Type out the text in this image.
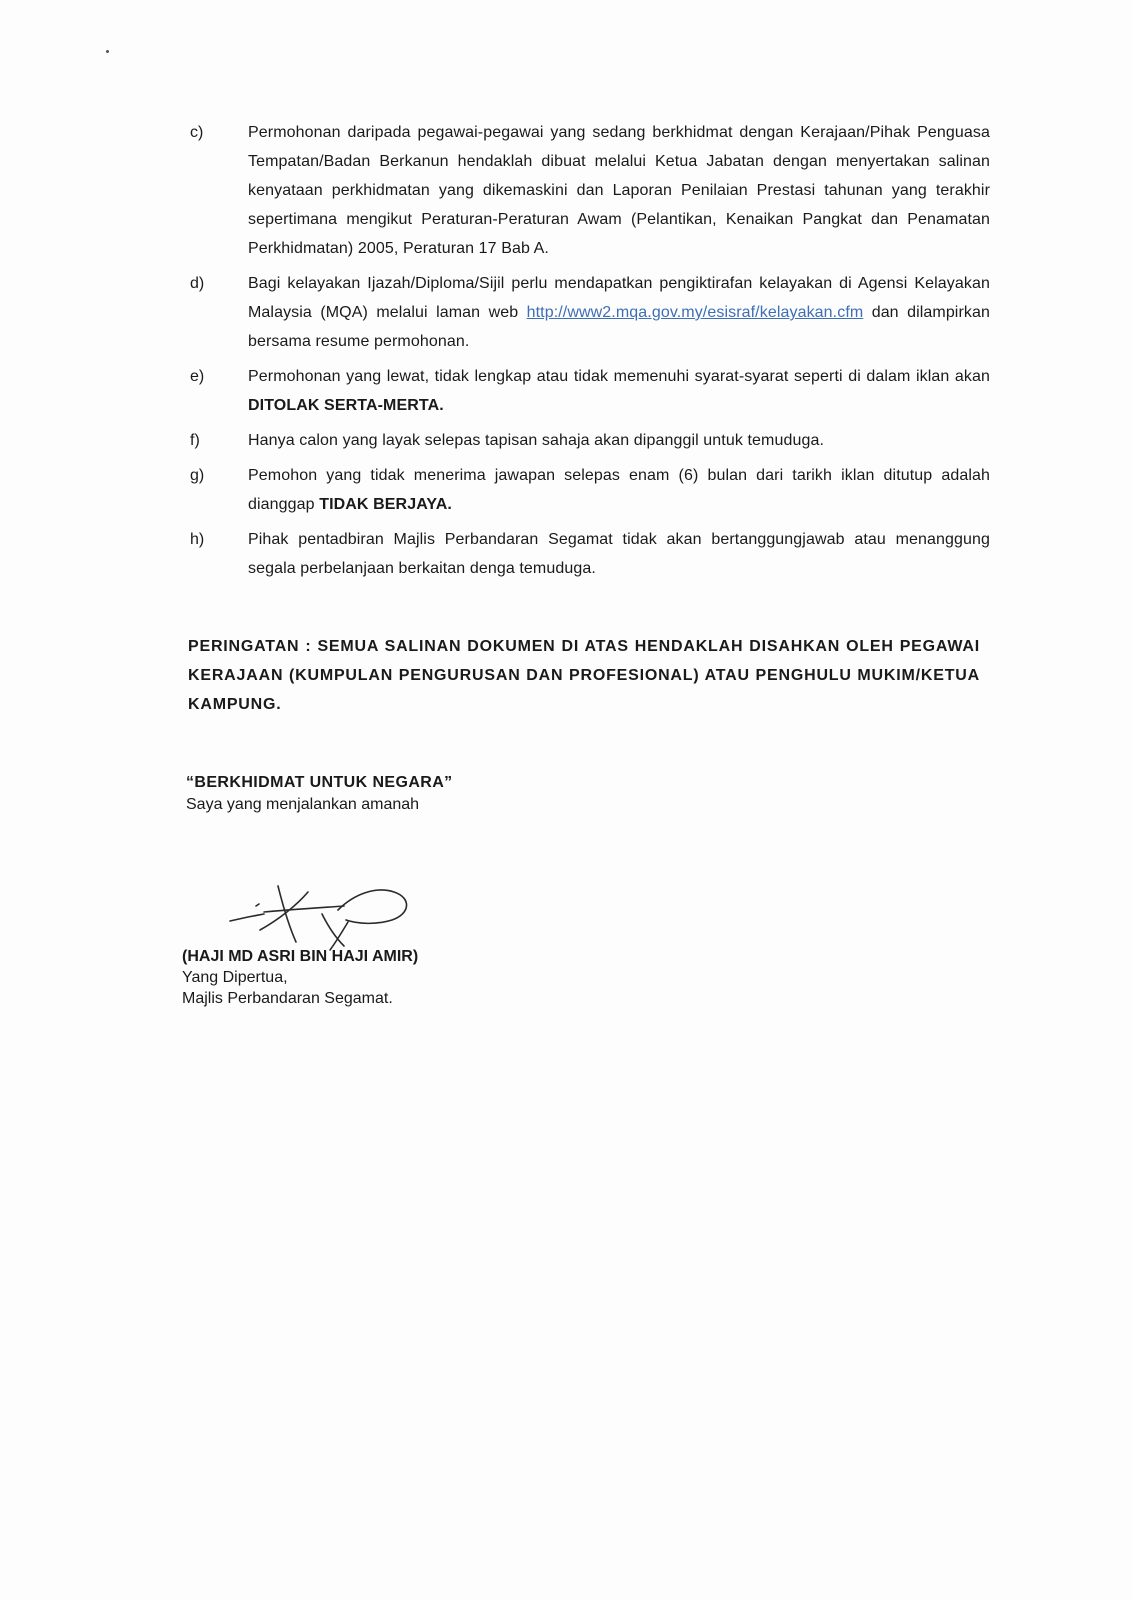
c)	Permohonan daripada pegawai-pegawai yang sedang berkhidmat dengan Kerajaan/Pihak Penguasa Tempatan/Badan Berkanun hendaklah dibuat melalui Ketua Jabatan dengan menyertakan salinan kenyataan perkhidmatan yang dikemaskini dan Laporan Penilaian Prestasi tahunan yang terakhir sepertimana mengikut Peraturan-Peraturan Awam (Pelantikan, Kenaikan Pangkat dan Penamatan Perkhidmatan) 2005, Peraturan 17 Bab A.
d)	Bagi kelayakan Ijazah/Diploma/Sijil perlu mendapatkan pengiktirafan kelayakan di Agensi Kelayakan Malaysia (MQA) melalui laman web http://www2.mqa.gov.my/esisraf/kelayakan.cfm dan dilampirkan bersama resume permohonan.
e)	Permohonan yang lewat, tidak lengkap atau tidak memenuhi syarat-syarat seperti di dalam iklan akan DITOLAK SERTA-MERTA.
f)	Hanya calon yang layak selepas tapisan sahaja akan dipanggil untuk temuduga.
g)	Pemohon yang tidak menerima jawapan selepas enam (6) bulan dari tarikh iklan ditutup adalah dianggap TIDAK BERJAYA.
h)	Pihak pentadbiran Majlis Perbandaran Segamat tidak akan bertanggungjawab atau menanggung segala perbelanjaan berkaitan denga temuduga.
PERINGATAN : SEMUA SALINAN DOKUMEN DI ATAS HENDAKLAH DISAHKAN OLEH PEGAWAI KERAJAAN (KUMPULAN PENGURUSAN DAN PROFESIONAL) ATAU PENGHULU MUKIM/KETUA KAMPUNG.
“BERKHIDMAT UNTUK NEGARA”
Saya yang menjalankan amanah
(HAJI MD ASRI BIN HAJI AMIR)
Yang Dipertua,
Majlis Perbandaran Segamat.
